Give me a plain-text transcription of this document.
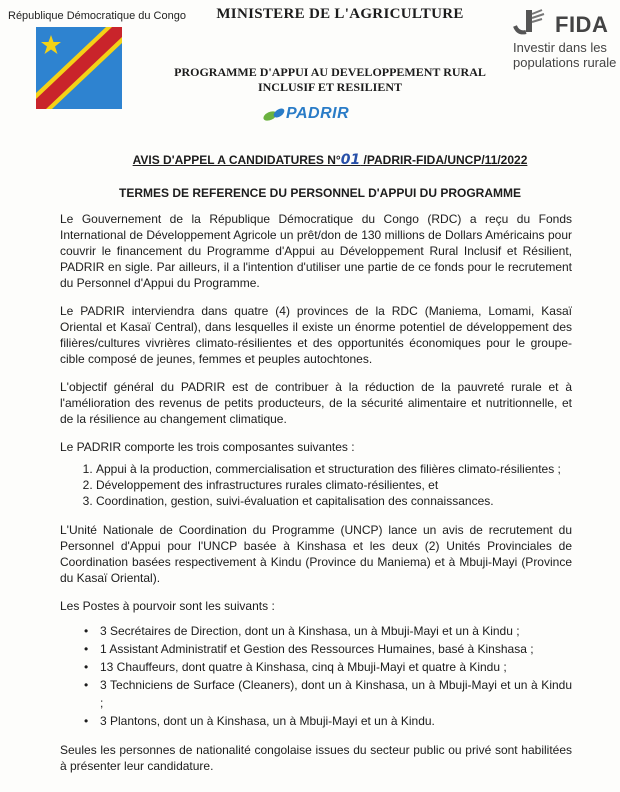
République Démocratique du Congo	MINISTERE DE L'AGRICULTURE
PROGRAMME D'APPUI AU DEVELOPPEMENT RURAL
INCLUSIF ET RESILIENT
PADRIR
FIDA
Investir dans les
populations rurale
AVIS D'APPEL A CANDIDATURES N°01 /PADRIR-FIDA/UNCP/11/2022
TERMES DE REFERENCE DU PERSONNEL D'APPUI DU PROGRAMME

Le Gouvernement de la République Démocratique du Congo (RDC) a reçu du Fonds International de Développement Agricole un prêt/don de 130 millions de Dollars Américains pour couvrir le financement du Programme d'Appui au Développement Rural Inclusif et Résilient, PADRIR en sigle. Par ailleurs, il a l'intention d'utiliser une partie de ce fonds pour le recrutement du Personnel d'Appui du Programme.

Le PADRIR interviendra dans quatre (4) provinces de la RDC (Maniema, Lomami, Kasaï Oriental et Kasaï Central), dans lesquelles il existe un énorme potentiel de développement des filières/cultures vivrières climato-résilientes et des opportunités économiques pour le groupe-cible composé de jeunes, femmes et peuples autochtones.

L'objectif général du PADRIR est de contribuer à la réduction de la pauvreté rurale et à l'amélioration des revenus de petits producteurs, de la sécurité alimentaire et nutritionnelle, et de la résilience au changement climatique.

Le PADRIR comporte les trois composantes suivantes :

1. Appui à la production, commercialisation et structuration des filières climato-résilientes ;
2. Développement des infrastructures rurales climato-résilientes, et
3. Coordination, gestion, suivi-évaluation et capitalisation des connaissances.

L'Unité Nationale de Coordination du Programme (UNCP) lance un avis de recrutement du Personnel d'Appui pour l'UNCP basée à Kinshasa et les deux (2) Unités Provinciales de Coordination basées respectivement à Kindu (Province du Maniema) et à Mbuji-Mayi (Province du Kasaï Oriental).

Les Postes à pourvoir sont les suivants :

• 3 Secrétaires de Direction, dont un à Kinshasa, un à Mbuji-Mayi et un à Kindu ;
• 1 Assistant Administratif et Gestion des Ressources Humaines, basé à Kinshasa ;
• 13 Chauffeurs, dont quatre à Kinshasa, cinq à Mbuji-Mayi et quatre à Kindu ;
• 3 Techniciens de Surface (Cleaners), dont un à Kinshasa, un à Mbuji-Mayi et un à Kindu ;
• 3 Plantons, dont un à Kinshasa, un à Mbuji-Mayi et un à Kindu.

Seules les personnes de nationalité congolaise issues du secteur public ou privé sont habilitées à présenter leur candidature.
